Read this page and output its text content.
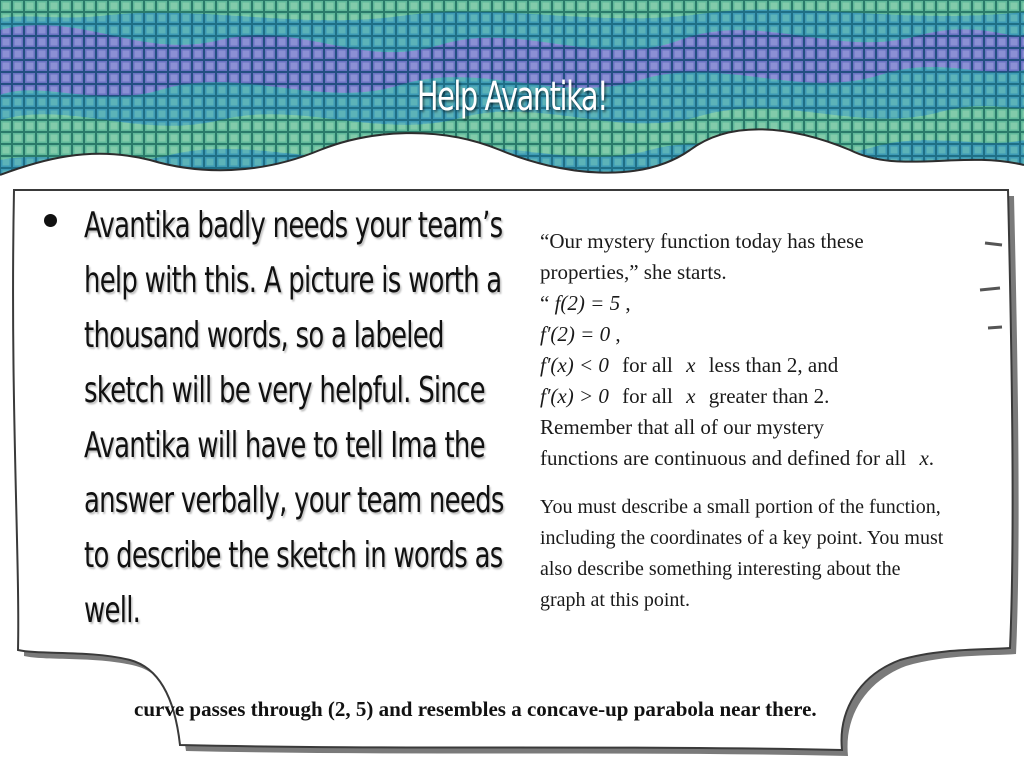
Help Avantika!
Avantika badly needs your team’s help with this. A picture is worth a thousand words, so a labeled sketch will be very helpful. Since Avantika will have to tell Ima the answer verbally, your team needs to describe the sketch in words as well.
“Our mystery function today has these
properties,” she starts.
“ f(2) = 5 ,
f′(2) = 0 ,
f′(x) < 0 for all x less than 2, and
f′(x) > 0 for all x greater than 2.
Remember that all of our mystery
functions are continuous and defined for all x.
You must describe a small portion of the function, including the coordinates of a key point. You must also describe something interesting about the graph at this point.
curve passes through (2, 5) and resembles a concave-up parabola near there.
